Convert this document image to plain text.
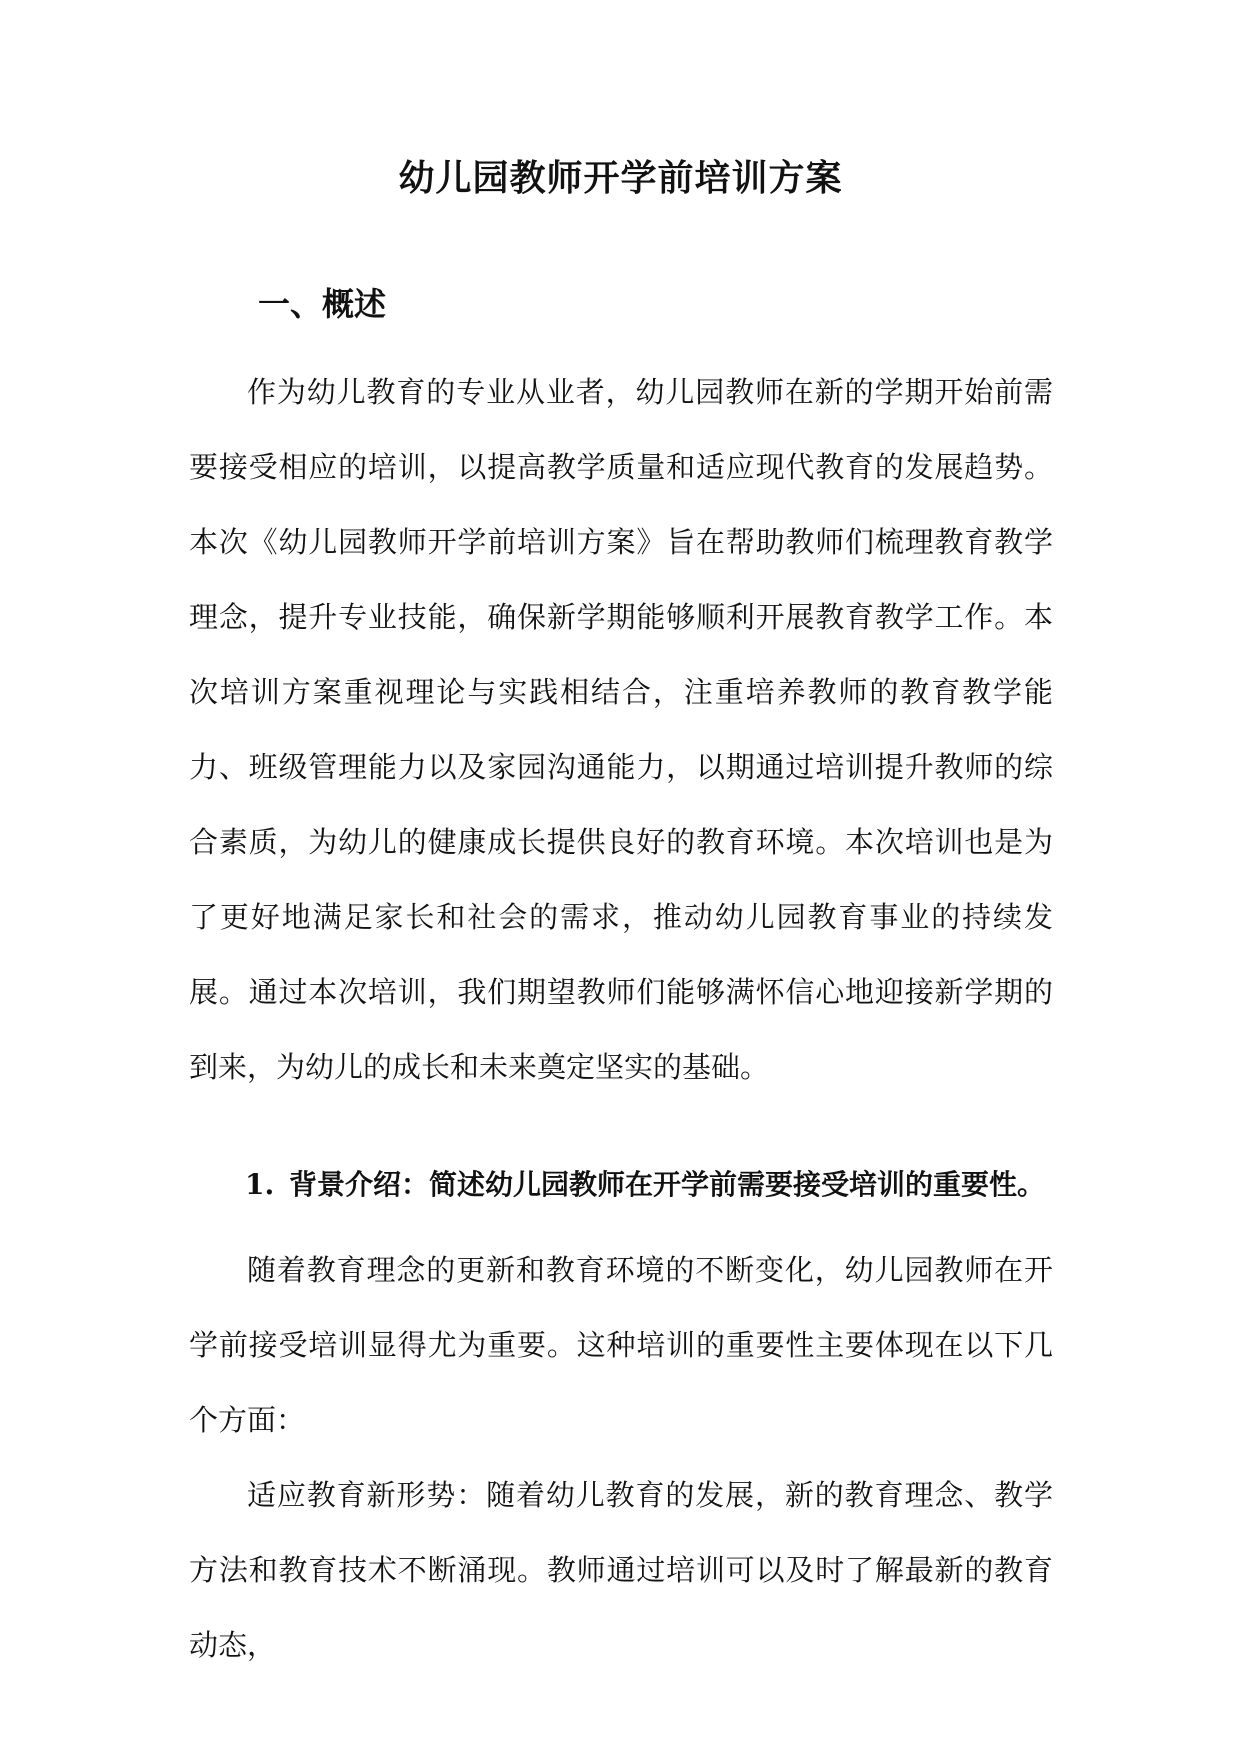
幼儿园教师开学前培训方案
一、概述

作为幼儿教育的专业从业者，幼儿园教师在新的学期开始前需要接受相应的培训，以提高教学质量和适应现代教育的发展趋势。本次《幼儿园教师开学前培训方案》旨在帮助教师们梳理教育教学理念，提升专业技能，确保新学期能够顺利开展教育教学工作。本次培训方案重视理论与实践相结合，注重培养教师的教育教学能力、班级管理能力以及家园沟通能力，以期通过培训提升教师的综合素质，为幼儿的健康成长提供良好的教育环境。本次培训也是为了更好地满足家长和社会的需求，推动幼儿园教育事业的持续发展。通过本次培训，我们期望教师们能够满怀信心地迎接新学期的到来，为幼儿的成长和未来奠定坚实的基础。

1. 背景介绍：简述幼儿园教师在开学前需要接受培训的重要性。

随着教育理念的更新和教育环境的不断变化，幼儿园教师在开学前接受培训显得尤为重要。这种培训的重要性主要体现在以下几个方面：

适应教育新形势：随着幼儿教育的发展，新的教育理念、教学方法和教育技术不断涌现。教师通过培训可以及时了解最新的教育动态，
